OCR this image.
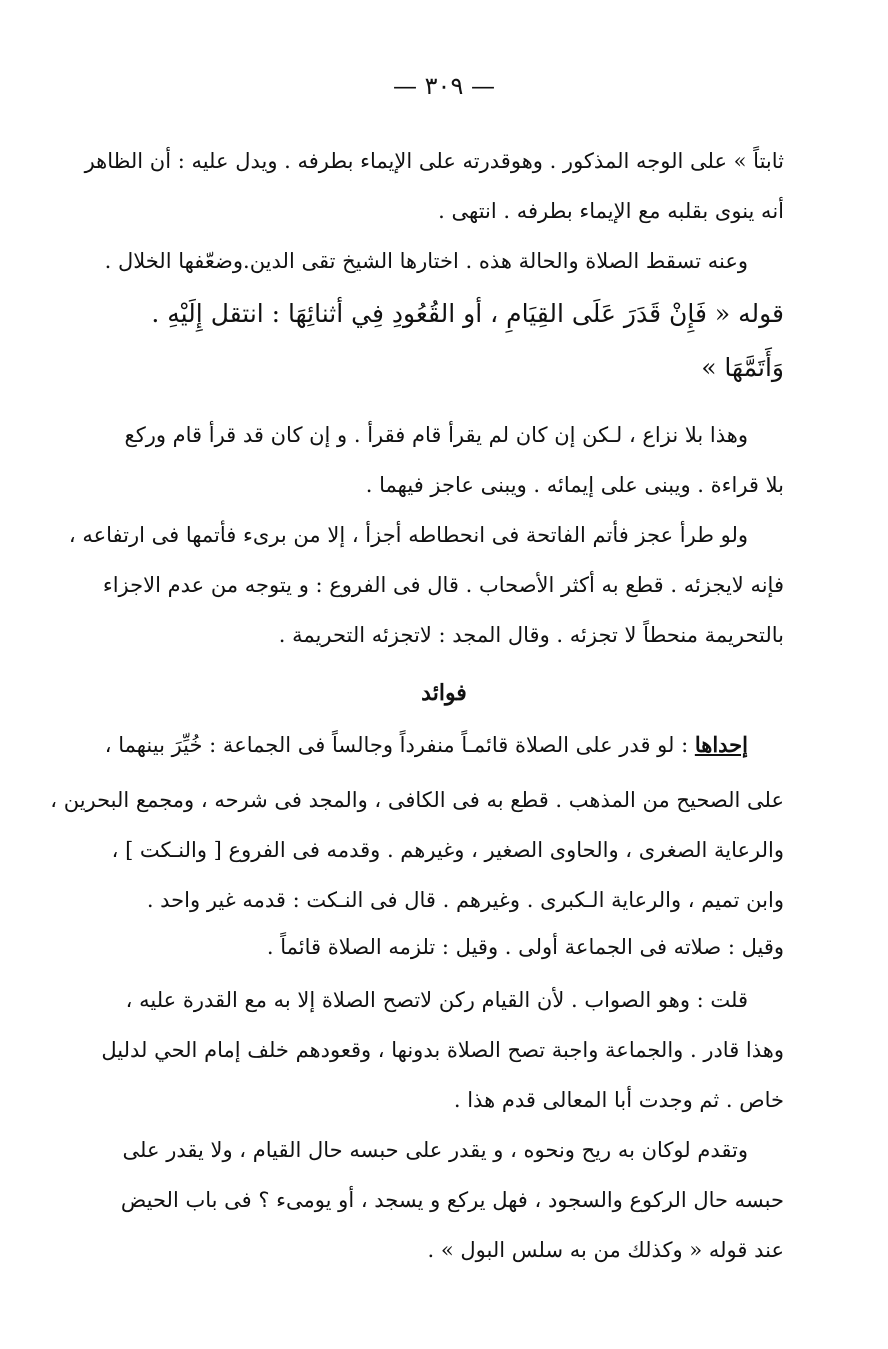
— ٣٠٩ —
ثابتاً » على الوجه المذكور . وهوقدرته على الإيماء بطرفه . ويدل عليه : أن الظاهر
أنه ينوى بقلبه مع الإيماء بطرفه . انتهى .
وعنه تسقط الصلاة والحالة هذه . اختارها الشيخ تقى الدين.وضعّفها الخلال .
قوله « فَإِنْ قَدَرَ عَلَى القِيَامِ ، أو القُعُودِ فِي أثنائِهَا : انتقل إِلَيْهِ .
وَأَتَمَّهَا »
وهذا بلا نزاع ، لـكن إن كان لم يقرأ قام فقرأ . و إن كان قد قرأ قام وركع
بلا قراءة . ويبنى على إيمائه . ويبنى عاجز فيهما .
ولو طرأ عجز فأتم الفاتحة فى انحطاطه أجزأ ، إلا من برىء فأتمها فى ارتفاعه ،
فإنه لايجزئه . قطع به أكثر الأصحاب . قال فى الفروع : و يتوجه من عدم الاجزاء
بالتحريمة منحطاً لا تجزئه . وقال المجد : لاتجزئه التحريمة .
فوائد
إحداها : لو قدر على الصلاة قائمـاً منفرداً وجالساً فى الجماعة : خُيِّرَ بينهما ،
على الصحيح من المذهب . قطع به فى الكافى ، والمجد فى شرحه ، ومجمع البحرين ،
والرعاية الصغرى ، والحاوى الصغير ، وغيرهم . وقدمه فى الفروع [ والنـكت ] ،
وابن تميم ، والرعاية الـكبرى . وغيرهم . قال فى النـكت : قدمه غير واحد .
وقيل : صلاته فى الجماعة أولى . وقيل : تلزمه الصلاة قائماً .
قلت : وهو الصواب . لأن القيام ركن لاتصح الصلاة إلا به مع القدرة عليه ،
وهذا قادر . والجماعة واجبة تصح الصلاة بدونها ، وقعودهم خلف إمام الحي لدليل
خاص . ثم وجدت أبا المعالى قدم هذا .
وتقدم لوكان به ريح ونحوه ، و يقدر على حبسه حال القيام ، ولا يقدر على
حبسه حال الركوع والسجود ، فهل يركع و يسجد ، أو يومىء ؟ فى باب الحيض
عند قوله « وكذلك من به سلس البول » .
